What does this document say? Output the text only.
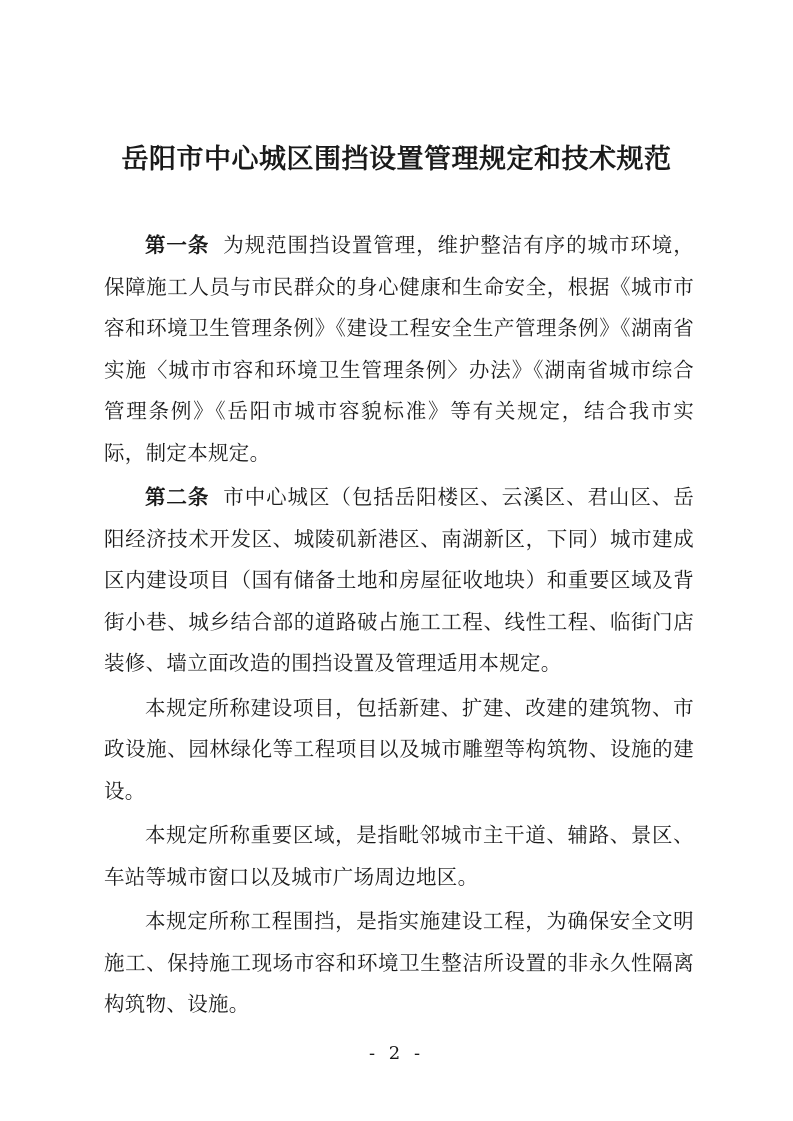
岳阳市中心城区围挡设置管理规定和技术规范

第一条 为规范围挡设置管理，维护整洁有序的城市环境，保障施工人员与市民群众的身心健康和生命安全，根据《城市市容和环境卫生管理条例》《建设工程安全生产管理条例》《湖南省实施〈城市市容和环境卫生管理条例〉办法》《湖南省城市综合管理条例》《岳阳市城市容貌标准》等有关规定，结合我市实际，制定本规定。

第二条 市中心城区（包括岳阳楼区、云溪区、君山区、岳阳经济技术开发区、城陵矶新港区、南湖新区，下同）城市建成区内建设项目（国有储备土地和房屋征收地块）和重要区域及背街小巷、城乡结合部的道路破占施工工程、线性工程、临街门店装修、墙立面改造的围挡设置及管理适用本规定。

本规定所称建设项目，包括新建、扩建、改建的建筑物、市政设施、园林绿化等工程项目以及城市雕塑等构筑物、设施的建设。

本规定所称重要区域，是指毗邻城市主干道、辅路、景区、车站等城市窗口以及城市广场周边地区。

本规定所称工程围挡，是指实施建设工程，为确保安全文明施工、保持施工现场市容和环境卫生整洁所设置的非永久性隔离构筑物、设施。

- 2 -
